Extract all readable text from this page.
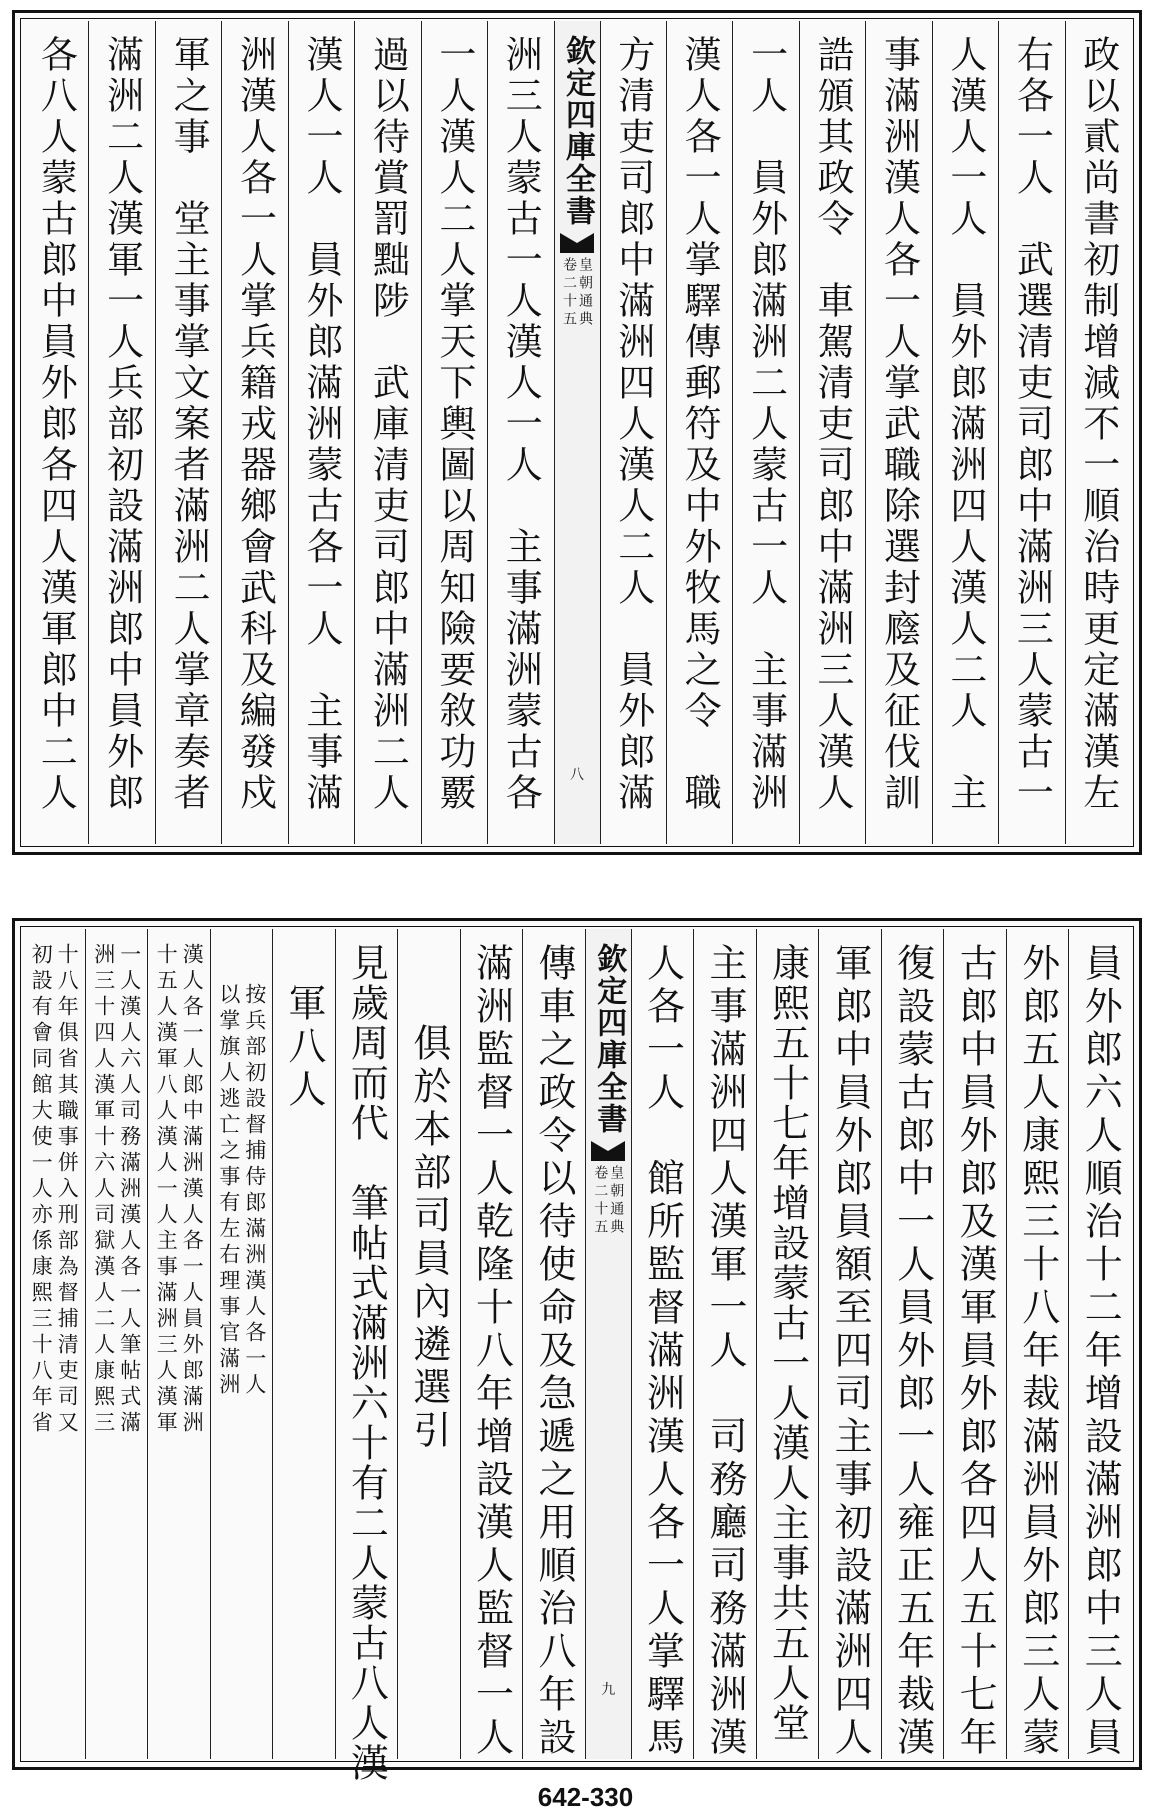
政以貳尚書初制增減不一順治時更定滿漢左
右各一人　武選清吏司郎中滿洲三人蒙古一
人漢人一人　員外郎滿洲四人漢人二人　主
事滿洲漢人各一人掌武職除選封廕及征伐訓
誥頒其政令　車駕清吏司郎中滿洲三人漢人
一人　員外郎滿洲二人蒙古一人　主事滿洲
漢人各一人掌驛傳郵符及中外牧馬之令　職
方清吏司郎中滿洲四人漢人二人　員外郎滿
欽定四庫全書
皇朝通典
卷二十五
八
洲三人蒙古一人漢人一人　主事滿洲蒙古各
一人漢人二人掌天下輿圖以周知險要敘功覈
過以待賞罰黜陟　武庫清吏司郎中滿洲二人
漢人一人　員外郎滿洲蒙古各一人　主事滿
洲漢人各一人掌兵籍戎器鄉會武科及編發戍
軍之事　堂主事掌文案者滿洲二人掌章奏者
滿洲二人漢軍一人兵部初設滿洲郎中員外郎
各八人蒙古郎中員外郎各四人漢軍郎中二人
員外郎六人順治十二年增設滿洲郎中三人員
外郎五人康熙三十八年裁滿洲員外郎三人蒙
古郎中員外郎及漢軍員外郎各四人五十七年
復設蒙古郎中一人員外郎一人雍正五年裁漢
軍郎中員外郎員額至四司主事初設滿洲四人
康熙五十七年增設蒙古一人漢人主事共五人堂
主事滿洲四人漢軍一人　司務廳司務滿洲漢
人各一人　館所監督滿洲漢人各一人掌驛馬
欽定四庫全書
皇朝通典
卷二十五
九
傳車之政令以待使命及急遞之用順治八年設
滿洲監督一人乾隆十八年增設漢人監督一人
俱於本部司員內遴選引
見歲周而代　筆帖式滿洲六十有二人蒙古八人漢
軍八人
按兵部初設督捕侍郎滿洲漢人各一人
以掌旗人逃亡之事有左右理事官滿洲
漢人各一人郎中滿洲漢人各一人員外郎滿洲
十五人漢軍八人漢人一人主事滿洲三人漢軍
一人漢人六人司務滿洲漢人各一人筆帖式滿
洲三十四人漢軍十六人司獄漢人二人康熙三
十八年俱省其職事併入刑部為督捕清吏司又
初設有會同館大使一人亦係康熙三十八年省
642-330
